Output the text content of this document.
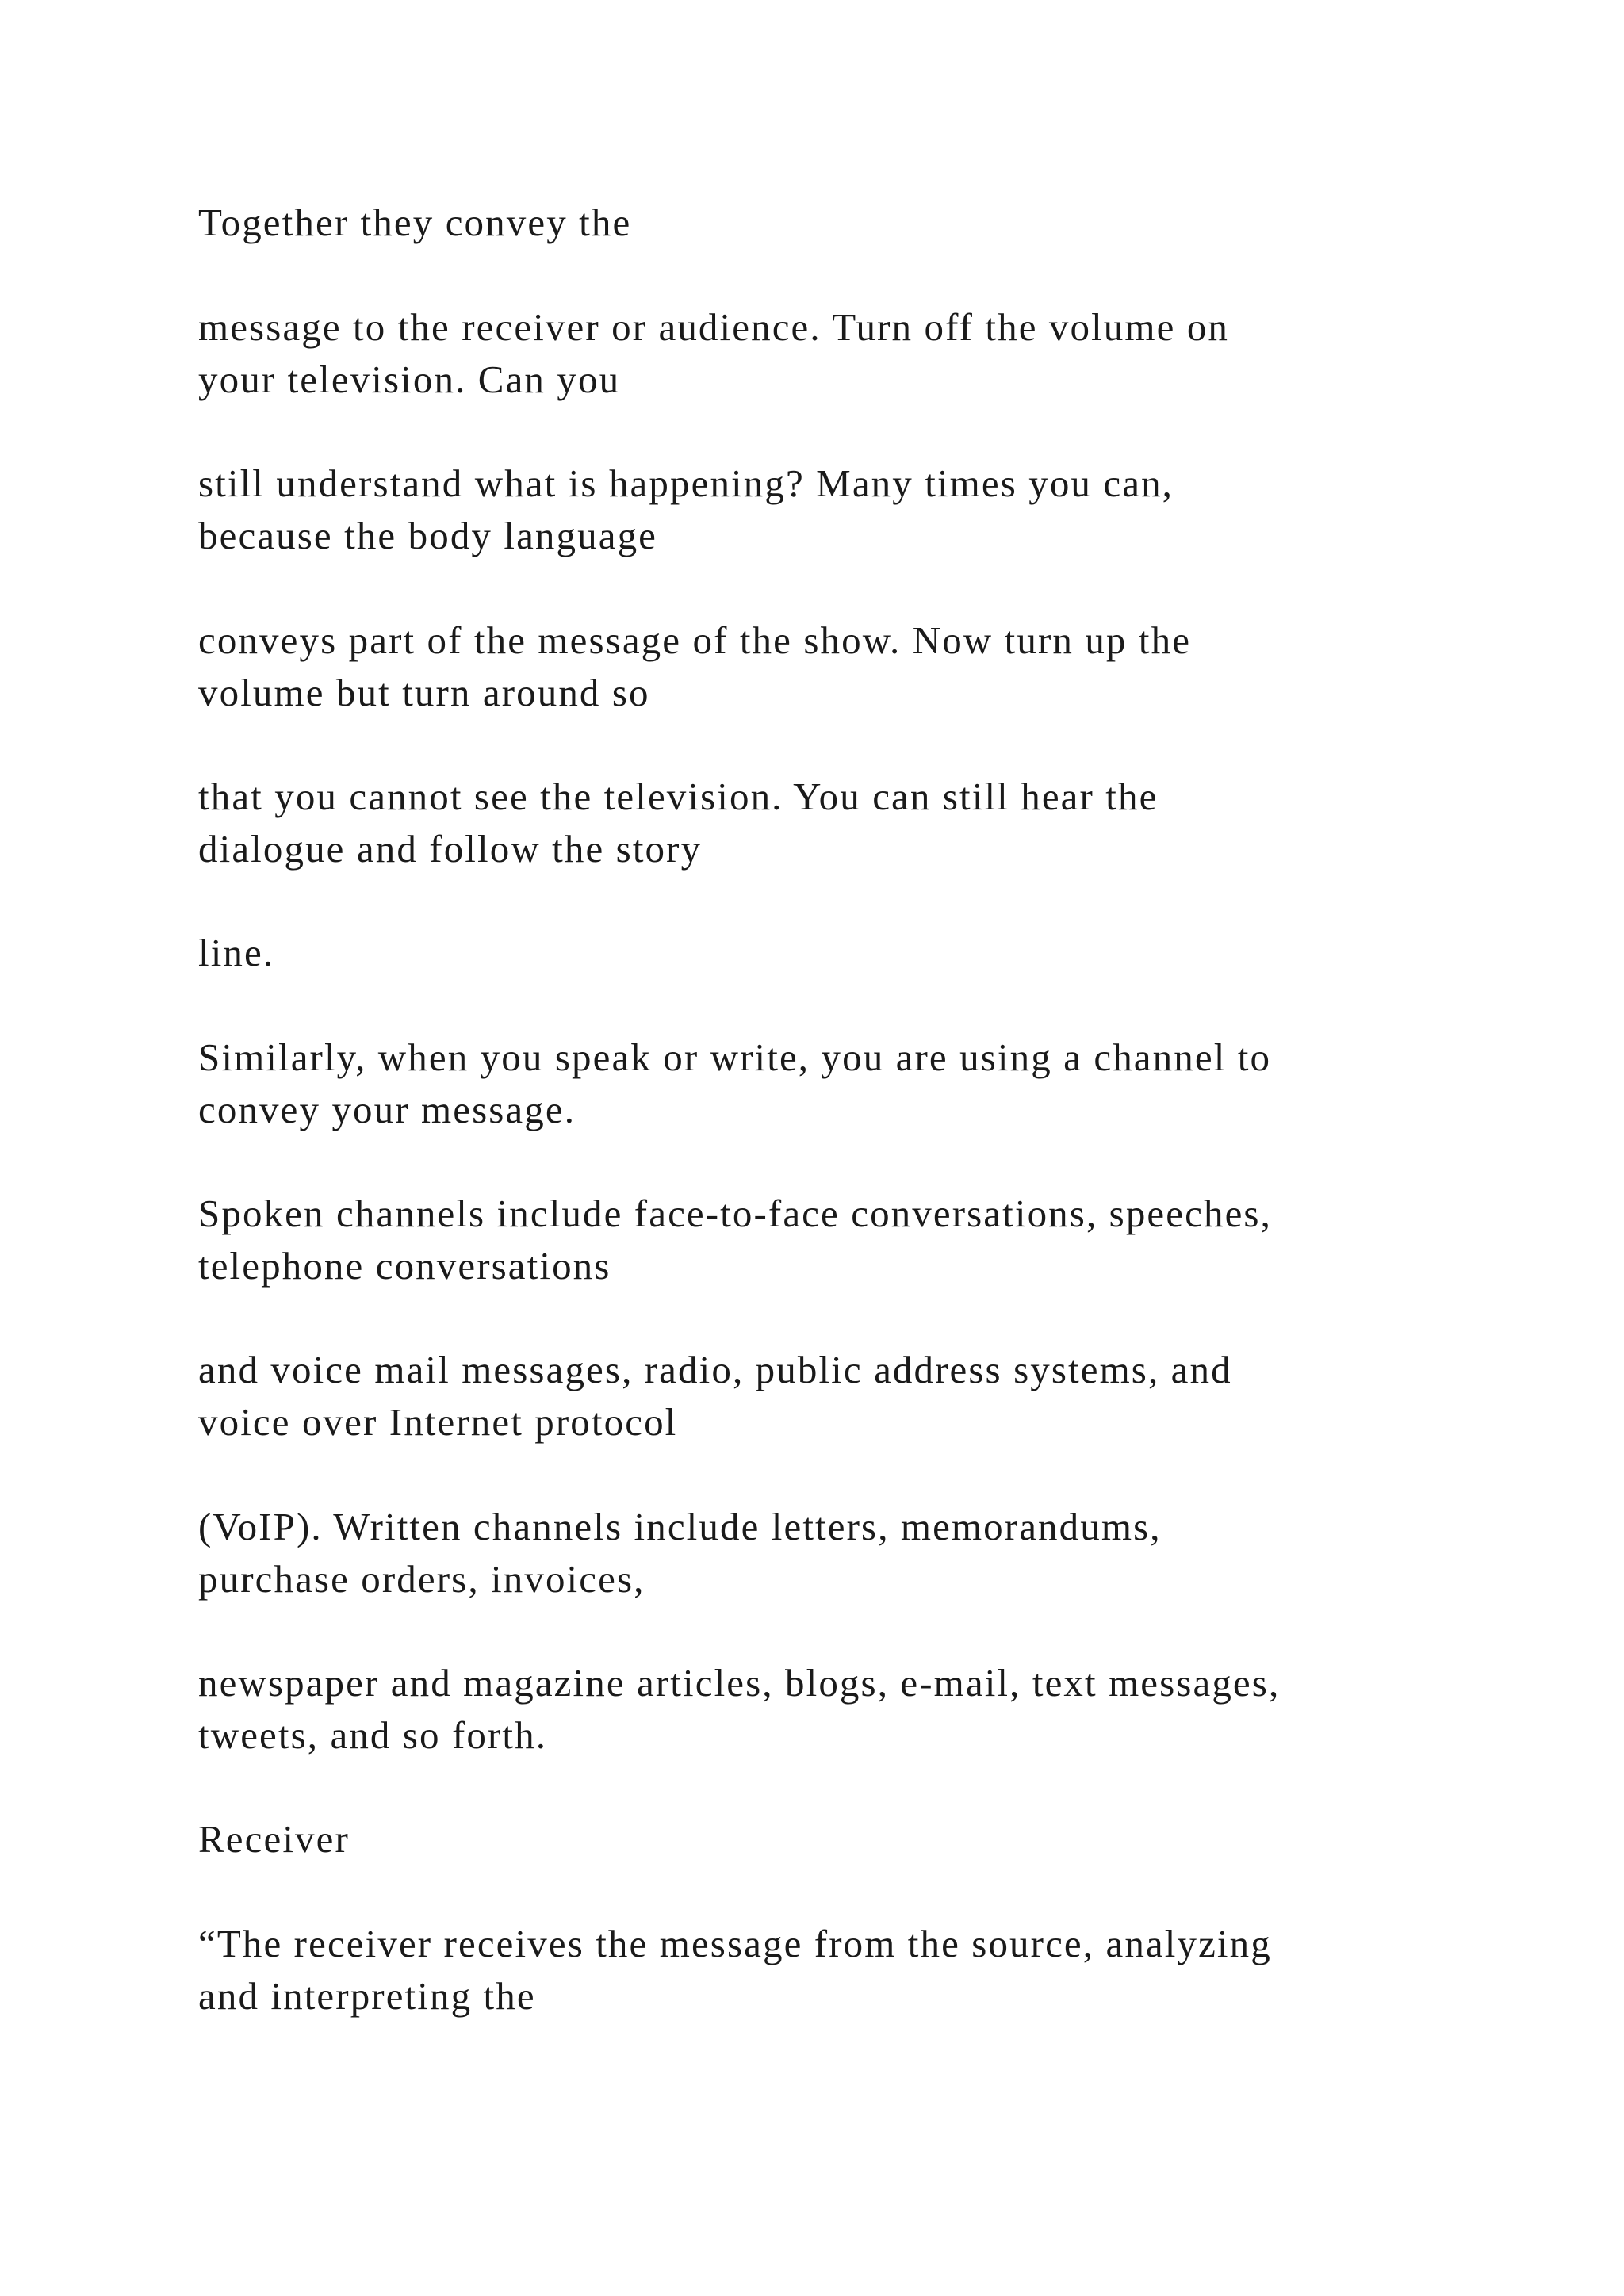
Together they convey the

message to the receiver or audience. Turn off the volume on
your television. Can you

still understand what is happening? Many times you can,
because the body language

conveys part of the message of the show. Now turn up the
volume but turn around so

that you cannot see the television. You can still hear the
dialogue and follow the story

line.

Similarly, when you speak or write, you are using a channel to
convey your message.

Spoken channels include face-to-face conversations, speeches,
telephone conversations

and voice mail messages, radio, public address systems, and
voice over Internet protocol

(VoIP). Written channels include letters, memorandums,
purchase orders, invoices,

newspaper and magazine articles, blogs, e-mail, text messages,
tweets, and so forth.

Receiver

“The receiver receives the message from the source, analyzing
and interpreting the
